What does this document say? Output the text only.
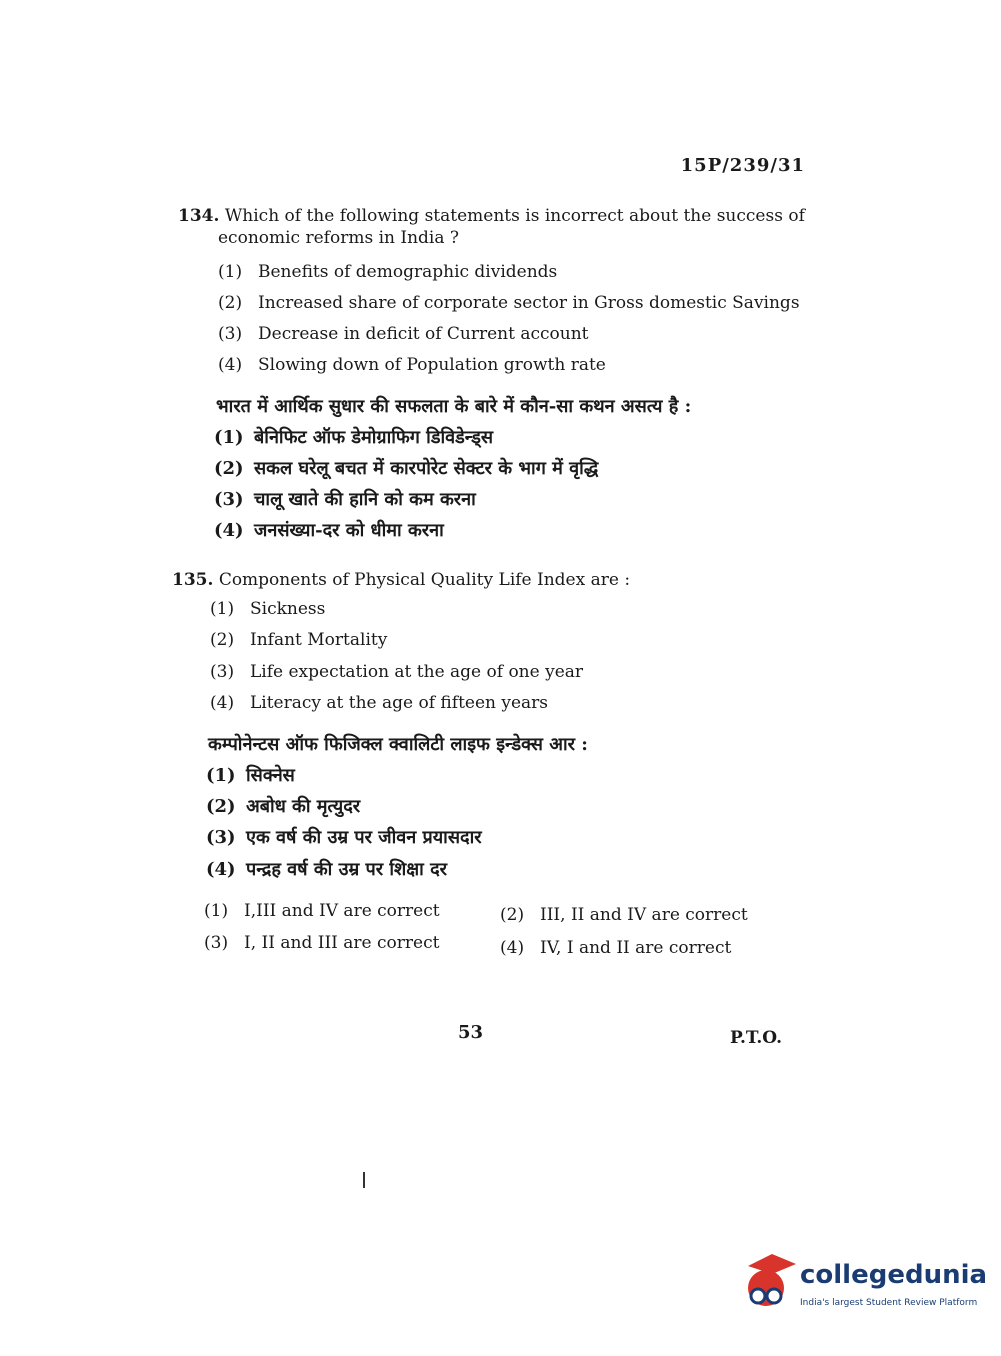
15P/239/31
134. Which of the following statements is incorrect about the success of
economic reforms in India ?
(1) Benefits of demographic dividends
(2) Increased share of corporate sector in Gross domestic Savings
(3) Decrease in deficit of Current account
(4) Slowing down of Population growth rate
भारत में आर्थिक सुधार की सफलता के बारे में कौन-सा कथन असत्य है :
(1) बेनिफिट ऑफ डेमोग्राफिग डिविडेन्ड्स
(2) सकल घरेलू बचत में कारपोरेट सेक्टर के भाग में वृद्धि
(3) चालू खाते की हानि को कम करना
(4) जनसंख्या-दर को धीमा करना
135. Components of Physical Quality Life Index are :
(1) Sickness
(2) Infant Mortality
(3) Life expectation at the age of one year
(4) Literacy at the age of fifteen years
कम्पोनेन्टस ऑफ फिजिक्ल क्वालिटी लाइफ इन्डेक्स आर :
(1) सिक्नेस
(2) अबोध की मृत्युदर
(3) एक वर्ष की उम्र पर जीवन प्रयासदार
(4) पन्द्रह वर्ष की उम्र पर शिक्षा दर
(1) I,III and IV are correct	(2) III, II and IV are correct
(3) I, II and III are correct	(4) IV, I and II are correct
53	P.T.O.
collegedunia
India's largest Student Review Platform
